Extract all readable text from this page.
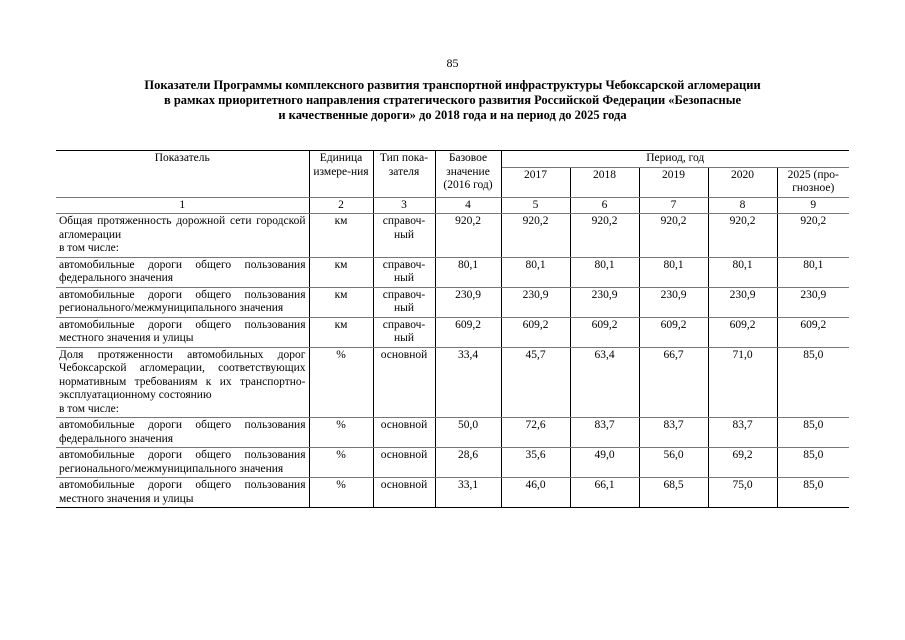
85
Показатели Программы комплексного развития транспортной инфраструктуры Чебоксарской агломерации
в рамках приоритетного направления стратегического развития Российской Федерации «Безопасные
и качественные дороги» до 2018 года и на период до 2025 года
Показатель	Единица измере-ния	Тип пока-зателя	Базовое значение (2016 год)	Период, год				
				2017	2018	2019	2020	2025 (про-гнозное)
1	2	3	4	5	6	7	8	9
Общая протяженность дорожной сети городской агломерации
в том числе:	км	справоч-ный	920,2	920,2	920,2	920,2	920,2	920,2
автомобильные дороги общего пользования федерального значения	км	справоч-ный	80,1	80,1	80,1	80,1	80,1	80,1
автомобильные дороги общего пользования регионального/межмуниципального значения	км	справоч-ный	230,9	230,9	230,9	230,9	230,9	230,9
автомобильные дороги общего пользования местного значения и улицы	км	справоч-ный	609,2	609,2	609,2	609,2	609,2	609,2
Доля протяженности автомобильных дорог Чебоксарской агломерации, соответствующих нормативным требованиям к их транспортно-эксплуатационному состоянию
в том числе:	%	основной	33,4	45,7	63,4	66,7	71,0	85,0
автомобильные дороги общего пользования федерального значения	%	основной	50,0	72,6	83,7	83,7	83,7	85,0
автомобильные дороги общего пользования регионального/межмуниципального значения	%	основной	28,6	35,6	49,0	56,0	69,2	85,0
автомобильные дороги общего пользования местного значения и улицы	%	основной	33,1	46,0	66,1	68,5	75,0	85,0
